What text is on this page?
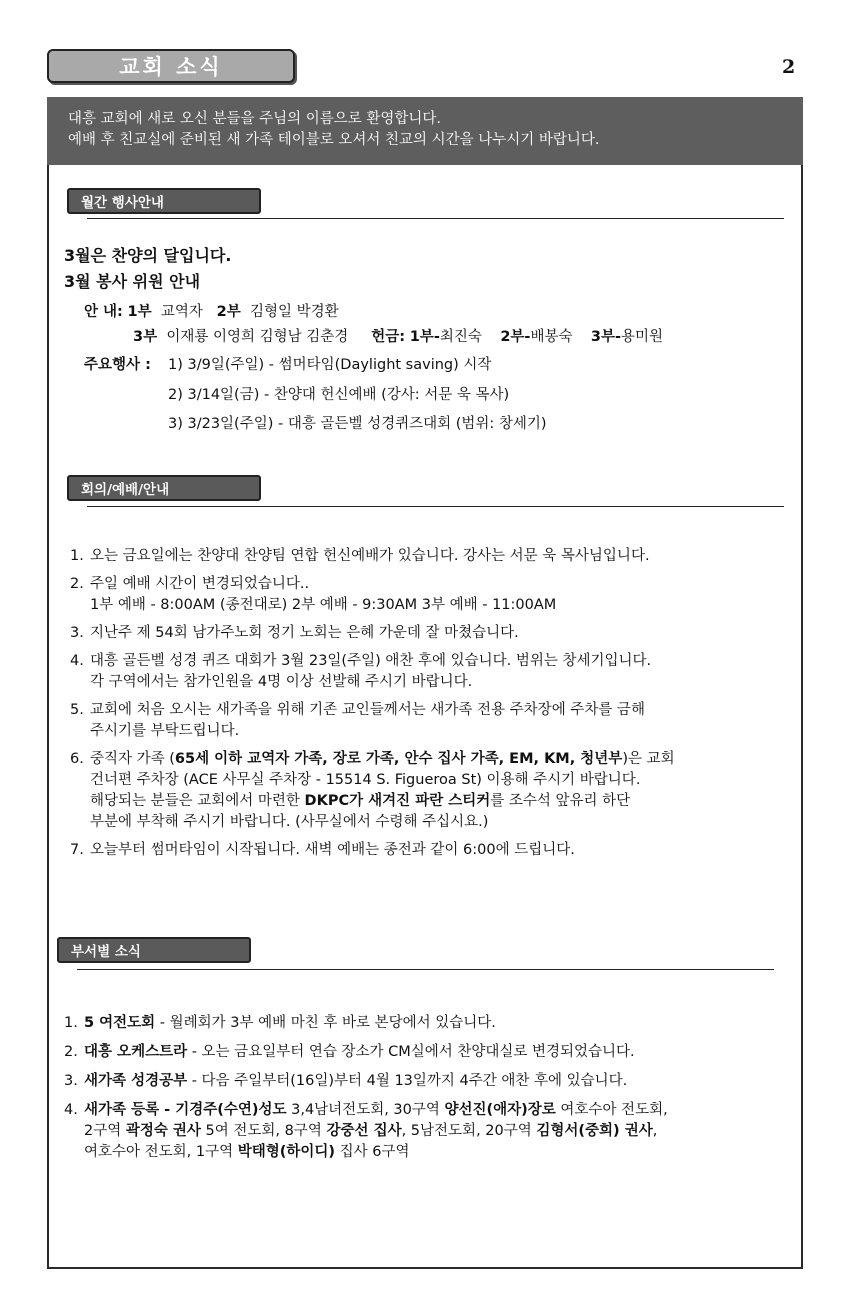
교회 소식	2
대흥 교회에 새로 오신 분들을 주님의 이름으로 환영합니다.
예배 후 친교실에 준비된 새 가족 테이블로 오셔서 친교의 시간을 나누시기 바랍니다.
월간 행사안내
3월은 찬양의 달입니다.
3월 봉사 위원 안내
안 내: 1부 교역자 2부 김형일 박경환
3부 이재룡 이영희 김형남 김춘경 헌금: 1부-최진숙 2부-배봉숙 3부-용미원
주요행사 : 1) 3/9일(주일) - 썸머타임(Daylight saving) 시작
2) 3/14일(금) - 찬양대 헌신예배 (강사: 서문 욱 목사)
3) 3/23일(주일) - 대흥 골든벨 성경퀴즈대회 (범위: 창세기)
회의/예배/안내
1. 오는 금요일에는 찬양대 찬양팀 연합 헌신예배가 있습니다. 강사는 서문 욱 목사님입니다.
2. 주일 예배 시간이 변경되었습니다..
1부 예배 - 8:00AM (종전대로) 2부 예배 - 9:30AM 3부 예배 - 11:00AM
3. 지난주 제 54회 남가주노회 정기 노회는 은혜 가운데 잘 마쳤습니다.
4. 대흥 골든벨 성경 퀴즈 대회가 3월 23일(주일) 애찬 후에 있습니다. 범위는 창세기입니다.
각 구역에서는 참가인원을 4명 이상 선발해 주시기 바랍니다.
5. 교회에 처음 오시는 새가족을 위해 기존 교인들께서는 새가족 전용 주차장에 주차를 금해
주시기를 부탁드립니다.
6. 중직자 가족 (65세 이하 교역자 가족, 장로 가족, 안수 집사 가족, EM, KM, 청년부)은 교회
건너편 주차장 (ACE 사무실 주차장 - 15514 S. Figueroa St) 이용해 주시기 바랍니다.
해당되는 분들은 교회에서 마련한 DKPC가 새겨진 파란 스티커를 조수석 앞유리 하단
부분에 부착해 주시기 바랍니다. (사무실에서 수령해 주십시요.)
7. 오늘부터 썸머타임이 시작됩니다. 새벽 예배는 종전과 같이 6:00에 드립니다.
부서별 소식
1. 5 여전도회 - 월례회가 3부 예배 마친 후 바로 본당에서 있습니다.
2. 대흥 오케스트라 - 오는 금요일부터 연습 장소가 CM실에서 찬양대실로 변경되었습니다.
3. 새가족 성경공부 - 다음 주일부터(16일)부터 4월 13일까지 4주간 애찬 후에 있습니다.
4. 새가족 등록 - 기경주(수연)성도 3,4남녀전도회, 30구역 양선진(애자)장로 여호수아 전도회,
2구역 곽정숙 권사 5여 전도회, 8구역 강중선 집사, 5남전도회, 20구역 김형서(중희) 권사,
여호수아 전도회, 1구역 박태형(하이디) 집사 6구역
